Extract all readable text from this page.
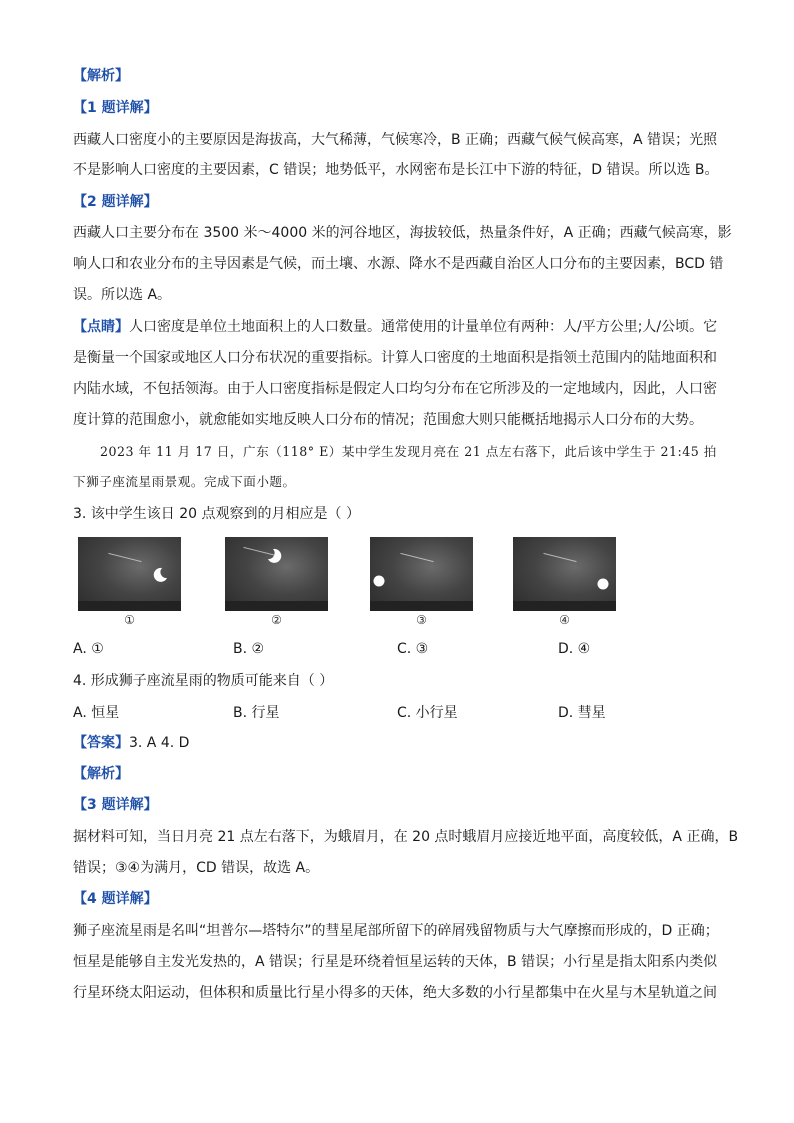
【解析】
【1 题详解】
西藏人口密度小的主要原因是海拔高，大气稀薄，气候寒冷，B 正确；西藏气候气候高寒，A 错误；光照
不是影响人口密度的主要因素，C 错误；地势低平，水网密布是长江中下游的特征，D 错误。所以选 B。
【2 题详解】
西藏人口主要分布在 3500 米～4000 米的河谷地区，海拔较低，热量条件好，A 正确；西藏气候高寒，影
响人口和农业分布的主导因素是气候，而土壤、水源、降水不是西藏自治区人口分布的主要因素，BCD 错
误。所以选 A。
【点睛】人口密度是单位土地面积上的人口数量。通常使用的计量单位有两种：人/平方公里;人/公顷。它
是衡量一个国家或地区人口分布状况的重要指标。计算人口密度的土地面积是指领土范围内的陆地面积和
内陆水域，不包括领海。由于人口密度指标是假定人口均匀分布在它所涉及的一定地域内，因此，人口密
度计算的范围愈小，就愈能如实地反映人口分布的情况；范围愈大则只能概括地揭示人口分布的大势。
2023 年 11 月 17 日，广东（118° E）某中学生发现月亮在 21 点左右落下，此后该中学生于 21:45 拍
下狮子座流星雨景观。完成下面小题。
3. 该中学生该日 20 点观察到的月相应是（ ）
①	②	③	④
A. ①	B. ②	C. ③	D. ④
4. 形成狮子座流星雨的物质可能来自（ ）
A. 恒星	B. 行星	C. 小行星	D. 彗星
【答案】3. A 4. D
【解析】
【3 题详解】
据材料可知，当日月亮 21 点左右落下，为蛾眉月，在 20 点时蛾眉月应接近地平面，高度较低，A 正确，B
错误；③④为满月，CD 错误，故选 A。
【4 题详解】
狮子座流星雨是名叫“坦普尔—塔特尔”的彗星尾部所留下的碎屑残留物质与大气摩擦而形成的，D 正确；
恒星是能够自主发光发热的，A 错误；行星是环绕着恒星运转的天体，B 错误；小行星是指太阳系内类似
行星环绕太阳运动，但体积和质量比行星小得多的天体，绝大多数的小行星都集中在火星与木星轨道之间
